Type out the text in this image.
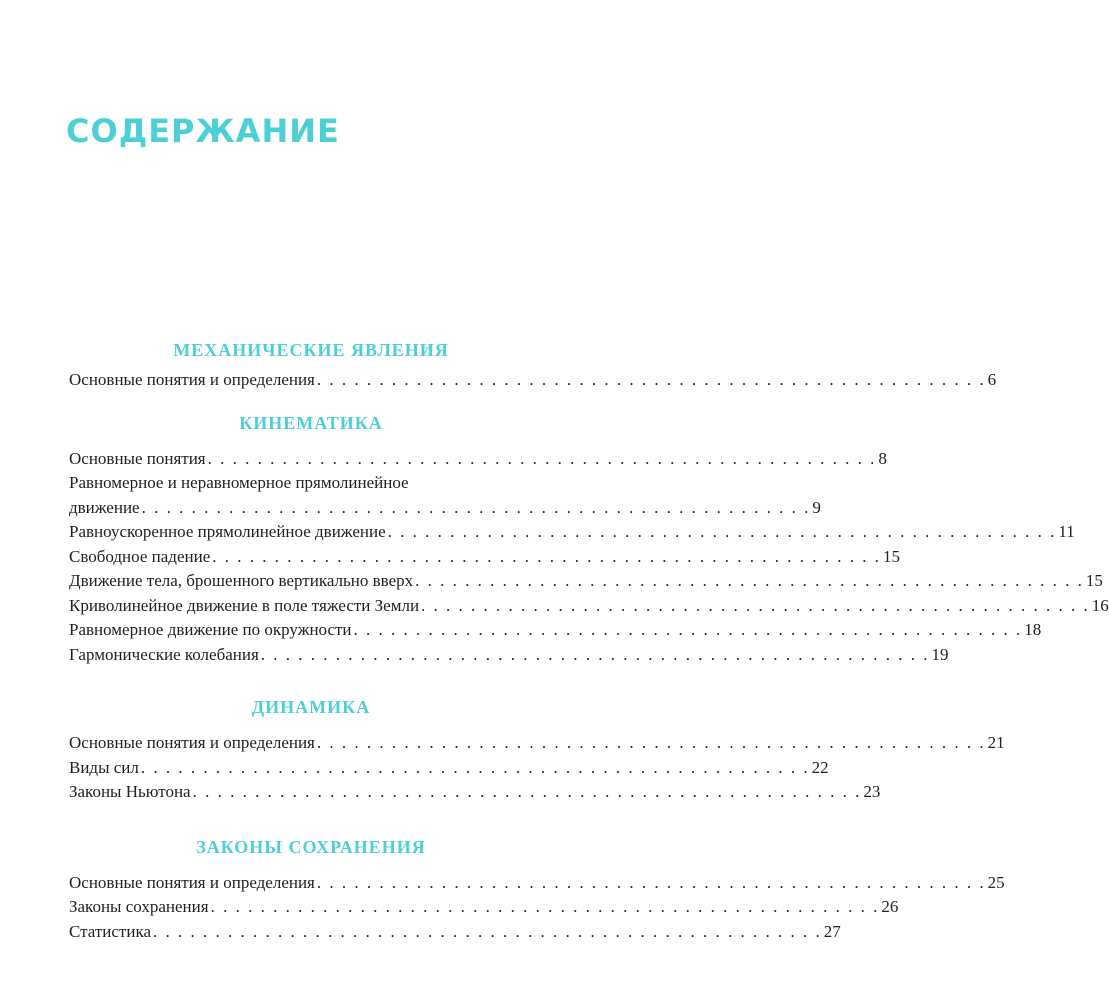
СОДЕРЖАНИЕ
МЕХАНИЧЕСКИЕ ЯВЛЕНИЯ
Основные понятия и определения . . . . . . . . . . . . . . . . . . . . . . . . . . . . . . . . . . . . . . . . . . . . . . . . . . . . . . 6
КИНЕМАТИКА
Основные понятия . . . . . . . . . . . . . . . . . . . . . . . . . . . . . . . . . . . . . . . . . . . . . . . . . . . . . . 8
Равномерное и неравномерное прямолинейное
движение . . . . . . . . . . . . . . . . . . . . . . . . . . . . . . . . . . . . . . . . . . . . . . . . . . . . . . 9
Равноускоренное прямолинейное движение . . . . . . . . . . . . . . . . . . . . . . . . . . . . . . . . . . . . . . . . . . . . . . . . . . . . . . 11
Свободное падение . . . . . . . . . . . . . . . . . . . . . . . . . . . . . . . . . . . . . . . . . . . . . . . . . . . . . . 15
Движение тела, брошенного вертикально вверх . . . . . . . . . . . . . . . . . . . . . . . . . . . . . . . . . . . . . . . . . . . . . . . . . . . . . . 15
Криволинейное движение в поле тяжести Земли . . . . . . . . . . . . . . . . . . . . . . . . . . . . . . . . . . . . . . . . . . . . . . . . . . . . . . 16
Равномерное движение по окружности . . . . . . . . . . . . . . . . . . . . . . . . . . . . . . . . . . . . . . . . . . . . . . . . . . . . . . 18
Гармонические колебания . . . . . . . . . . . . . . . . . . . . . . . . . . . . . . . . . . . . . . . . . . . . . . . . . . . . . . 19
ДИНАМИКА
Основные понятия и определения . . . . . . . . . . . . . . . . . . . . . . . . . . . . . . . . . . . . . . . . . . . . . . . . . . . . . . 21
Виды сил . . . . . . . . . . . . . . . . . . . . . . . . . . . . . . . . . . . . . . . . . . . . . . . . . . . . . . 22
Законы Ньютона . . . . . . . . . . . . . . . . . . . . . . . . . . . . . . . . . . . . . . . . . . . . . . . . . . . . . . 23
ЗАКОНЫ СОХРАНЕНИЯ
Основные понятия и определения . . . . . . . . . . . . . . . . . . . . . . . . . . . . . . . . . . . . . . . . . . . . . . . . . . . . . . 25
Законы сохранения . . . . . . . . . . . . . . . . . . . . . . . . . . . . . . . . . . . . . . . . . . . . . . . . . . . . . . 26
Статистика . . . . . . . . . . . . . . . . . . . . . . . . . . . . . . . . . . . . . . . . . . . . . . . . . . . . . . 27
